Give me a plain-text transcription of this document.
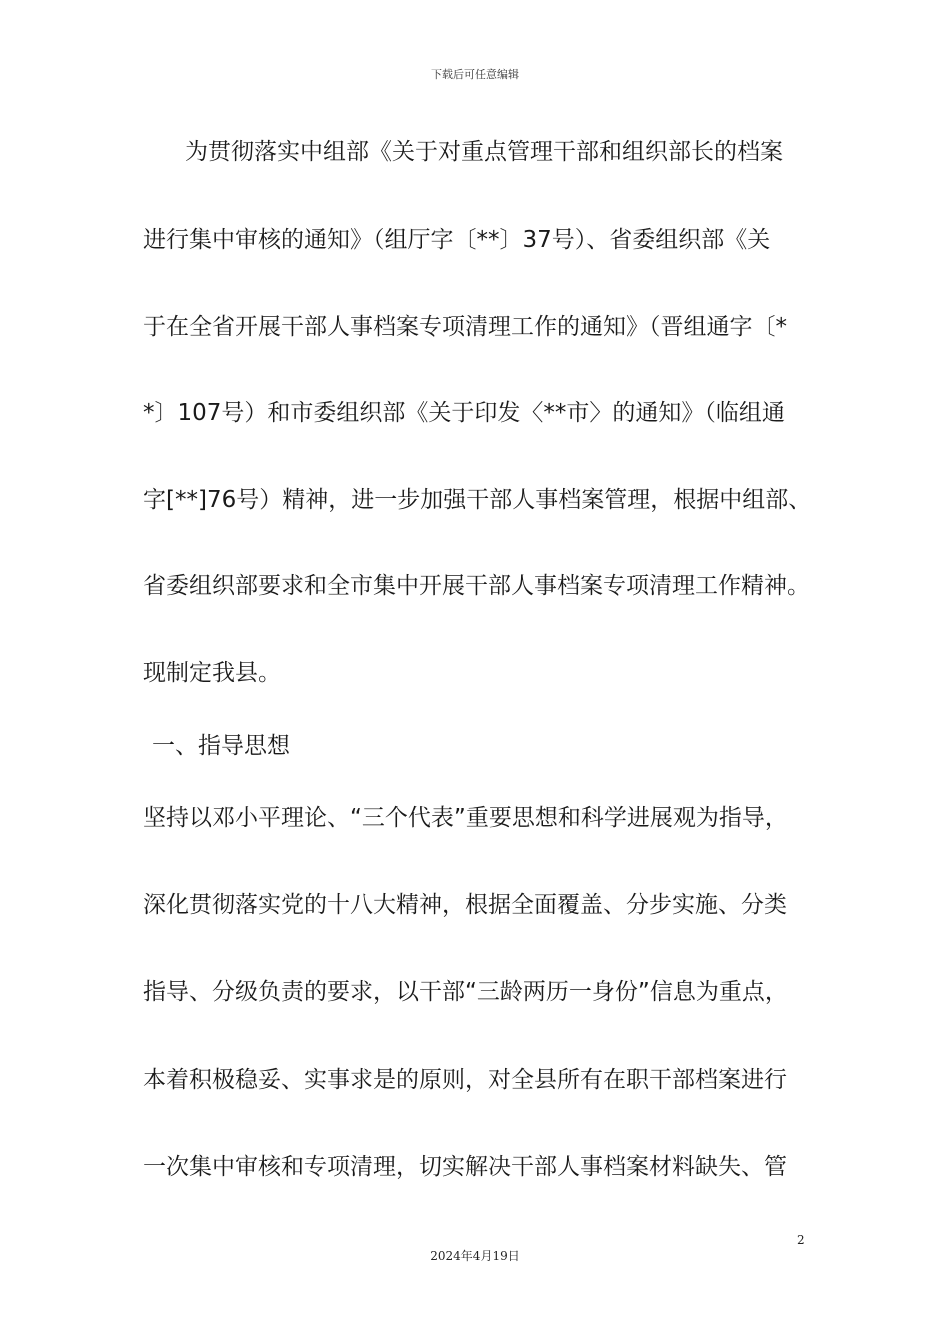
下载后可任意编辑
为贯彻落实中组部《关于对重点管理干部和组织部长的档案
进行集中审核的通知》（组厅字〔**〕37号）、省委组织部《关
于在全省开展干部人事档案专项清理工作的通知》（晋组通字〔*
*〕107号）和市委组织部《关于印发〈**市〉的通知》（临组通
字[**]76号）精神，进一步加强干部人事档案管理，根据中组部、
省委组织部要求和全市集中开展干部人事档案专项清理工作精神。
现制定我县。
一、指导思想
坚持以邓小平理论、“三个代表”重要思想和科学进展观为指导，
深化贯彻落实党的十八大精神，根据全面覆盖、分步实施、分类
指导、分级负责的要求，以干部“三龄两历一身份”信息为重点，
本着积极稳妥、实事求是的原则，对全县所有在职干部档案进行
一次集中审核和专项清理，切实解决干部人事档案材料缺失、管
2
2024年4月19日
